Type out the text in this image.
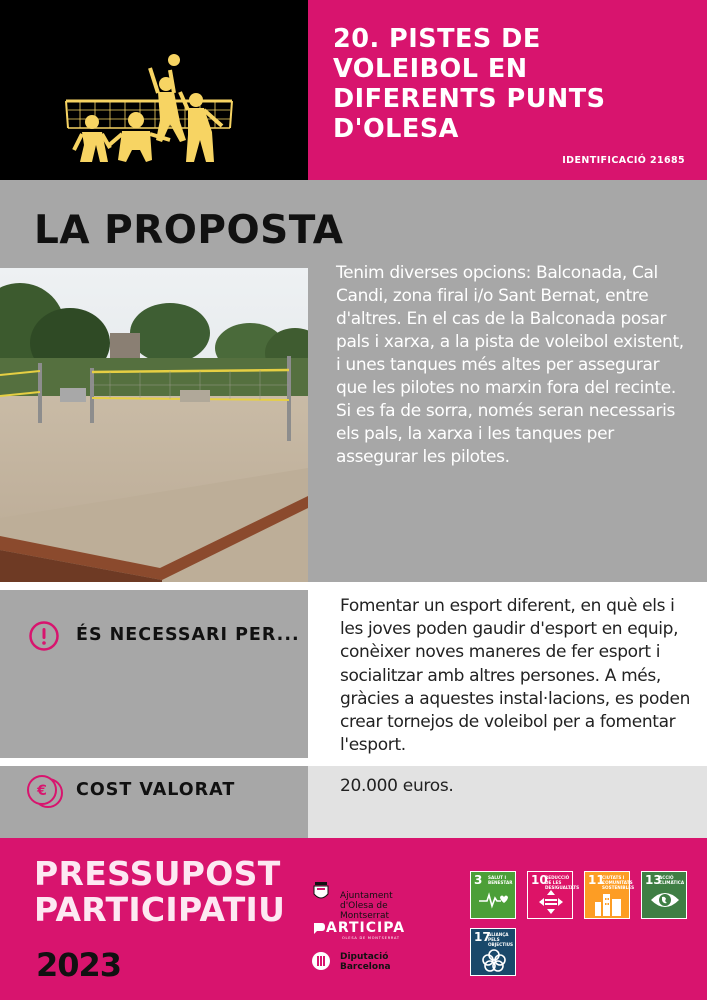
20. PISTES DE VOLEIBOL EN DIFERENTS PUNTS D'OLESA
IDENTIFICACIÓ 21685
LA PROPOSTA
Tenim diverses opcions: Balconada, Cal Candi, zona firal i/o Sant Bernat, entre d'altres. En el cas de la Balconada posar pals i xarxa, a la pista de voleibol existent, i unes tanques més altes per assegurar que les pilotes no marxin fora del recinte. Si es fa de sorra, només seran necessaris els pals, la xarxa i les tanques per assegurar les pilotes.
ÉS NECESSARI PER...
Fomentar un esport diferent, en què els i les joves poden gaudir d'esport en equip, conèixer noves maneres de fer esport i socialitzar amb altres persones. A més, gràcies a aquestes instal·lacions, es poden crear tornejos de voleibol per a fomentar l'esport.
€ COST VALORAT	20.000 euros.
PRESSUPOST
PARTICIPATIU
2023
Ajuntament
d'Olesa de Montserrat
ARTICIPA
OLESA DE MONTSERRAT
Diputació
Barcelona
3 SALUT I BENESTAR 10
REDUCCIÓ DE LES DESIGUALTATS
11
CIUTATS I COMUNITATS SOSTENIBLES
13
ACCIÓ CLIMÀTICA
17
ALIANÇA PELS OBJECTIUS
